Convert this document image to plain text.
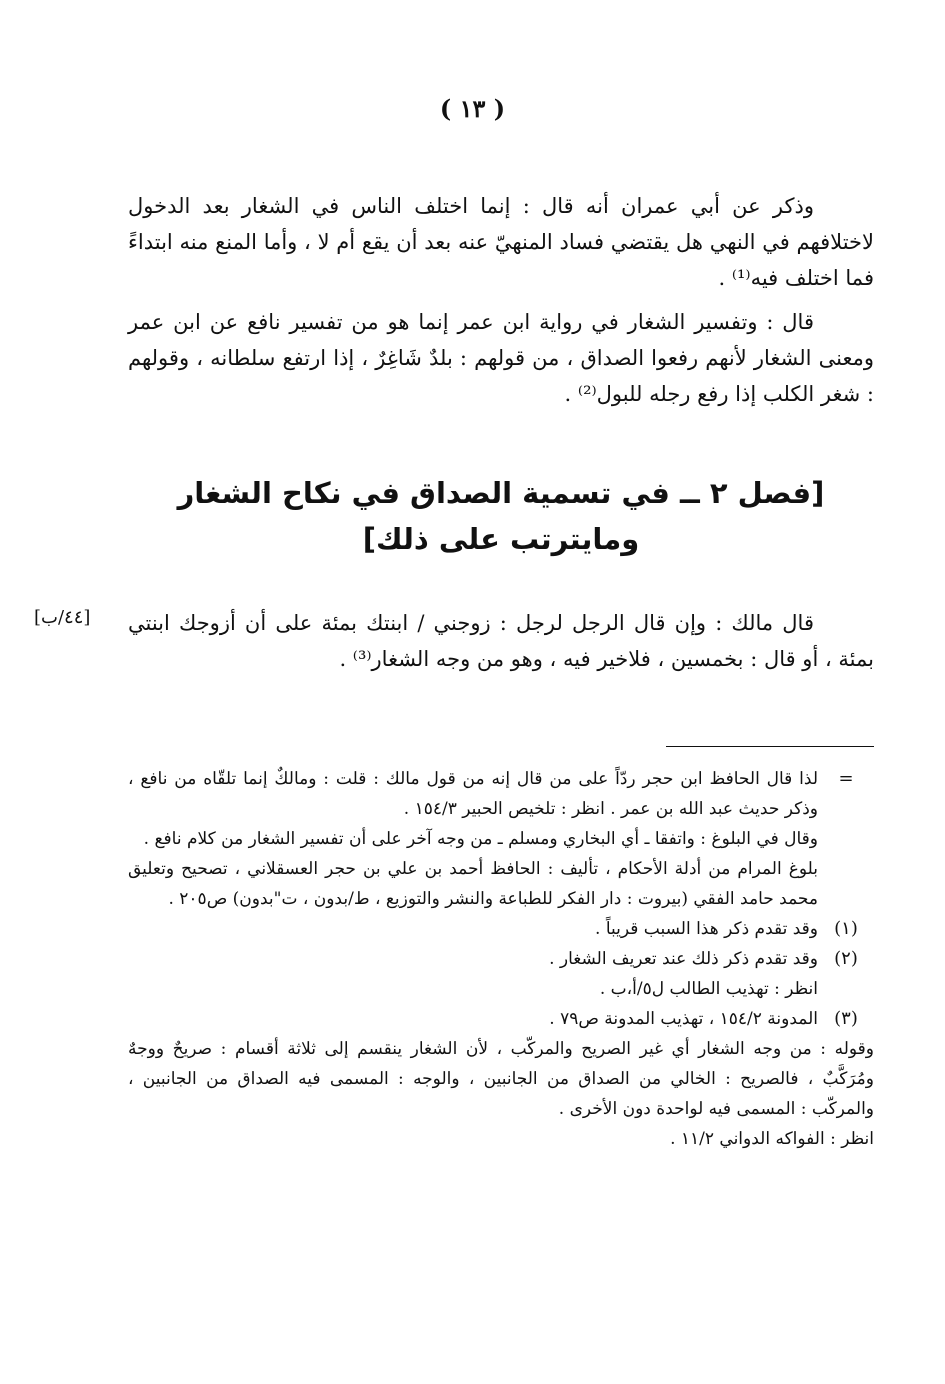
( ١٣ )

وذكر عن أبي عمران أنه قال : إنما اختلف الناس في الشغار بعد الدخول لاختلافهم في النهي هل يقتضي فساد المنهيّ عنه بعد أن يقع أم لا ، وأما المنع منه ابتداءً فما اختلف فيه⁽¹⁾ .

قال : وتفسير الشغار في رواية ابن عمر إنما هو من تفسير نافع عن ابن عمر ومعنى الشغار لأنهم رفعوا الصداق ، من قولهم : بلدٌ شَاغِرٌ ، إذا ارتفع سلطانه ، وقولهم : شغر الكلب إذا رفع رجله للبول⁽²⁾ .

[فصل ٢ ــ في تسمية الصداق في نكاح الشغار
ومايترتب على ذلك]

قال مالك : وإن قال الرجل لرجل : زوجني / ابنتك بمئة على أن أزوجك ابنتي بمئة ، أو قال : بخمسين ، فلاخير فيه ، وهو من وجه الشغار⁽³⁾ .

[٤٤/ب]
=

لذا قال الحافظ ابن حجر ردّاً على من قال إنه من قول مالك : قلت : ومالكٌ إنما تلقّاه من نافع ، وذكر حديث عبد الله بن عمر . انظر : تلخيص الحبير ١٥٤/٣ .

وقال في البلوغ : واتفقا ـ أي البخاري ومسلم ـ من وجه آخر على أن تفسير الشغار من كلام نافع .

بلوغ المرام من أدلة الأحكام ، تأليف : الحافظ أحمد بن علي بن حجر العسقلاني ، تصحيح وتعليق محمد حامد الفقي (بيروت : دار الفكر للطباعة والنشر والتوزيع ، ط/بدون ، ت"بدون) ص٢٠٥ .

(١)

وقد تقدم ذكر هذا السبب قريباً .

(٢)

وقد تقدم ذكر ذلك عند تعريف الشغار .

انظر : تهذيب الطالب ل٥/أ،ب .

(٣)

المدونة ١٥٤/٢ ، تهذيب المدونة ص٧٩ .

وقوله : من وجه الشغار أي غير الصريح والمركّب ، لأن الشغار ينقسم إلى ثلاثة أقسام : صريحٌ ووجهٌ ومُرَكَّبٌ ، فالصريح : الخالي من الصداق من الجانبين ، والوجه : المسمى فيه الصداق من الجانبين ، والمركّب : المسمى فيه لواحدة دون الأخرى .

انظر : الفواكه الدواني ١١/٢ .
